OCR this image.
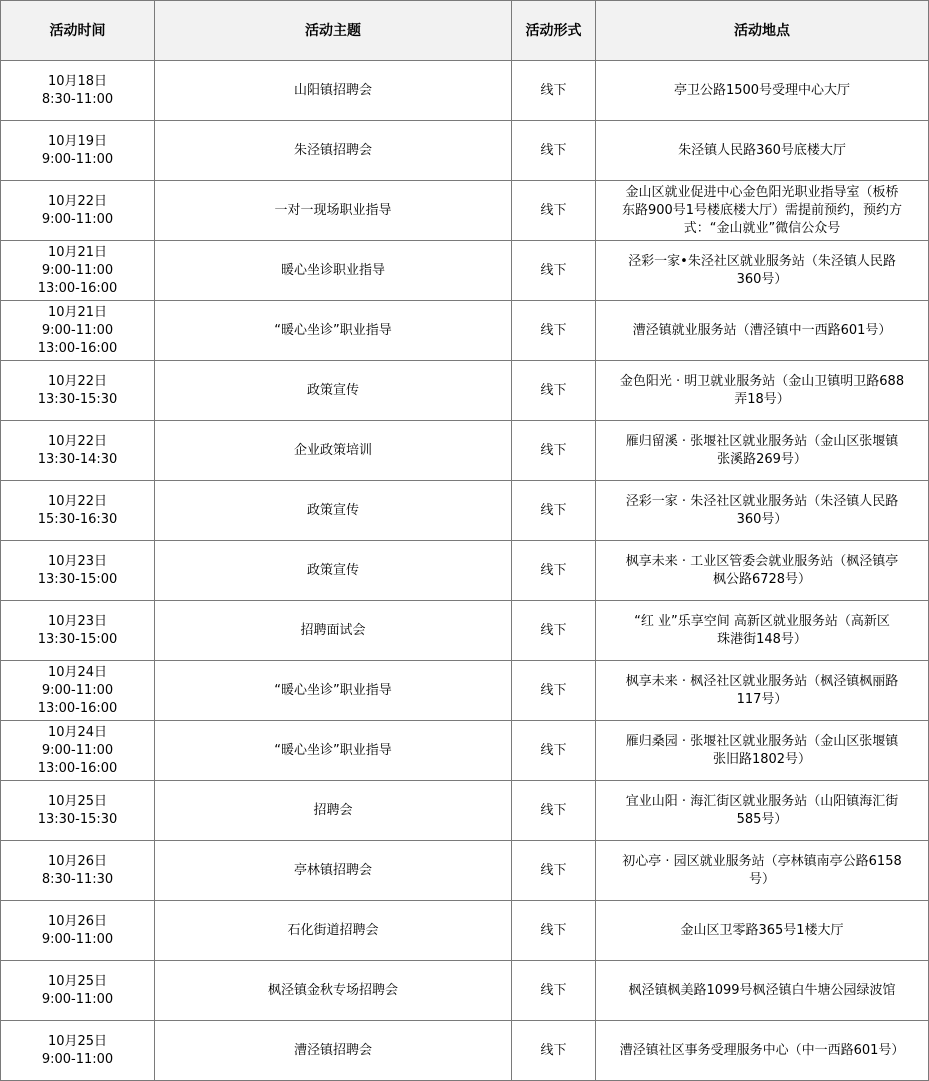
活动时间	活动主题	活动形式	活动地点
10月18日
8:30-11:00	山阳镇招聘会	线下	亭卫公路1500号受理中心大厅
10月19日
9:00-11:00	朱泾镇招聘会	线下	朱泾镇人民路360号底楼大厅
10月22日
9:00-11:00	一对一现场职业指导	线下	金山区就业促进中心金色阳光职业指导室（板桥
东路900号1号楼底楼大厅）需提前预约，预约方
式：“金山就业”微信公众号
10月21日
9:00-11:00
13:00-16:00	暖心坐诊职业指导	线下	泾彩一家•朱泾社区就业服务站（朱泾镇人民路
360号）
10月21日
9:00-11:00
13:00-16:00	“暖心坐诊”职业指导	线下	漕泾镇就业服务站（漕泾镇中一西路601号）
10月22日
13:30-15:30	政策宣传	线下	金色阳光 · 明卫就业服务站（金山卫镇明卫路688
弄18号）
10月22日
13:30-14:30	企业政策培训	线下	雁归留溪 · 张堰社区就业服务站（金山区张堰镇
张溪路269号）
10月22日
15:30-16:30	政策宣传	线下	泾彩一家 · 朱泾社区就业服务站（朱泾镇人民路
360号）
10月23日
13:30-15:00	政策宣传	线下	枫享未来 · 工业区管委会就业服务站（枫泾镇亭
枫公路6728号）
10月23日
13:30-15:00	招聘面试会	线下	“红 业”乐享空间 高新区就业服务站（高新区
珠港街148号）
10月24日
9:00-11:00
13:00-16:00	“暖心坐诊”职业指导	线下	枫享未来 · 枫泾社区就业服务站（枫泾镇枫丽路
117号）
10月24日
9:00-11:00
13:00-16:00	“暖心坐诊”职业指导	线下	雁归桑园 · 张堰社区就业服务站（金山区张堰镇
张旧路1802号）
10月25日
13:30-15:30	招聘会	线下	宜业山阳 · 海汇街区就业服务站（山阳镇海汇街
585号）
10月26日
8:30-11:30	亭林镇招聘会	线下	初心亭 · 园区就业服务站（亭林镇南亭公路6158
号）
10月26日
9:00-11:00	石化街道招聘会	线下	金山区卫零路365号1楼大厅
10月25日
9:00-11:00	枫泾镇金秋专场招聘会	线下	枫泾镇枫美路1099号枫泾镇白牛塘公园绿波馆
10月25日
9:00-11:00	漕泾镇招聘会	线下	漕泾镇社区事务受理服务中心（中一西路601号）
